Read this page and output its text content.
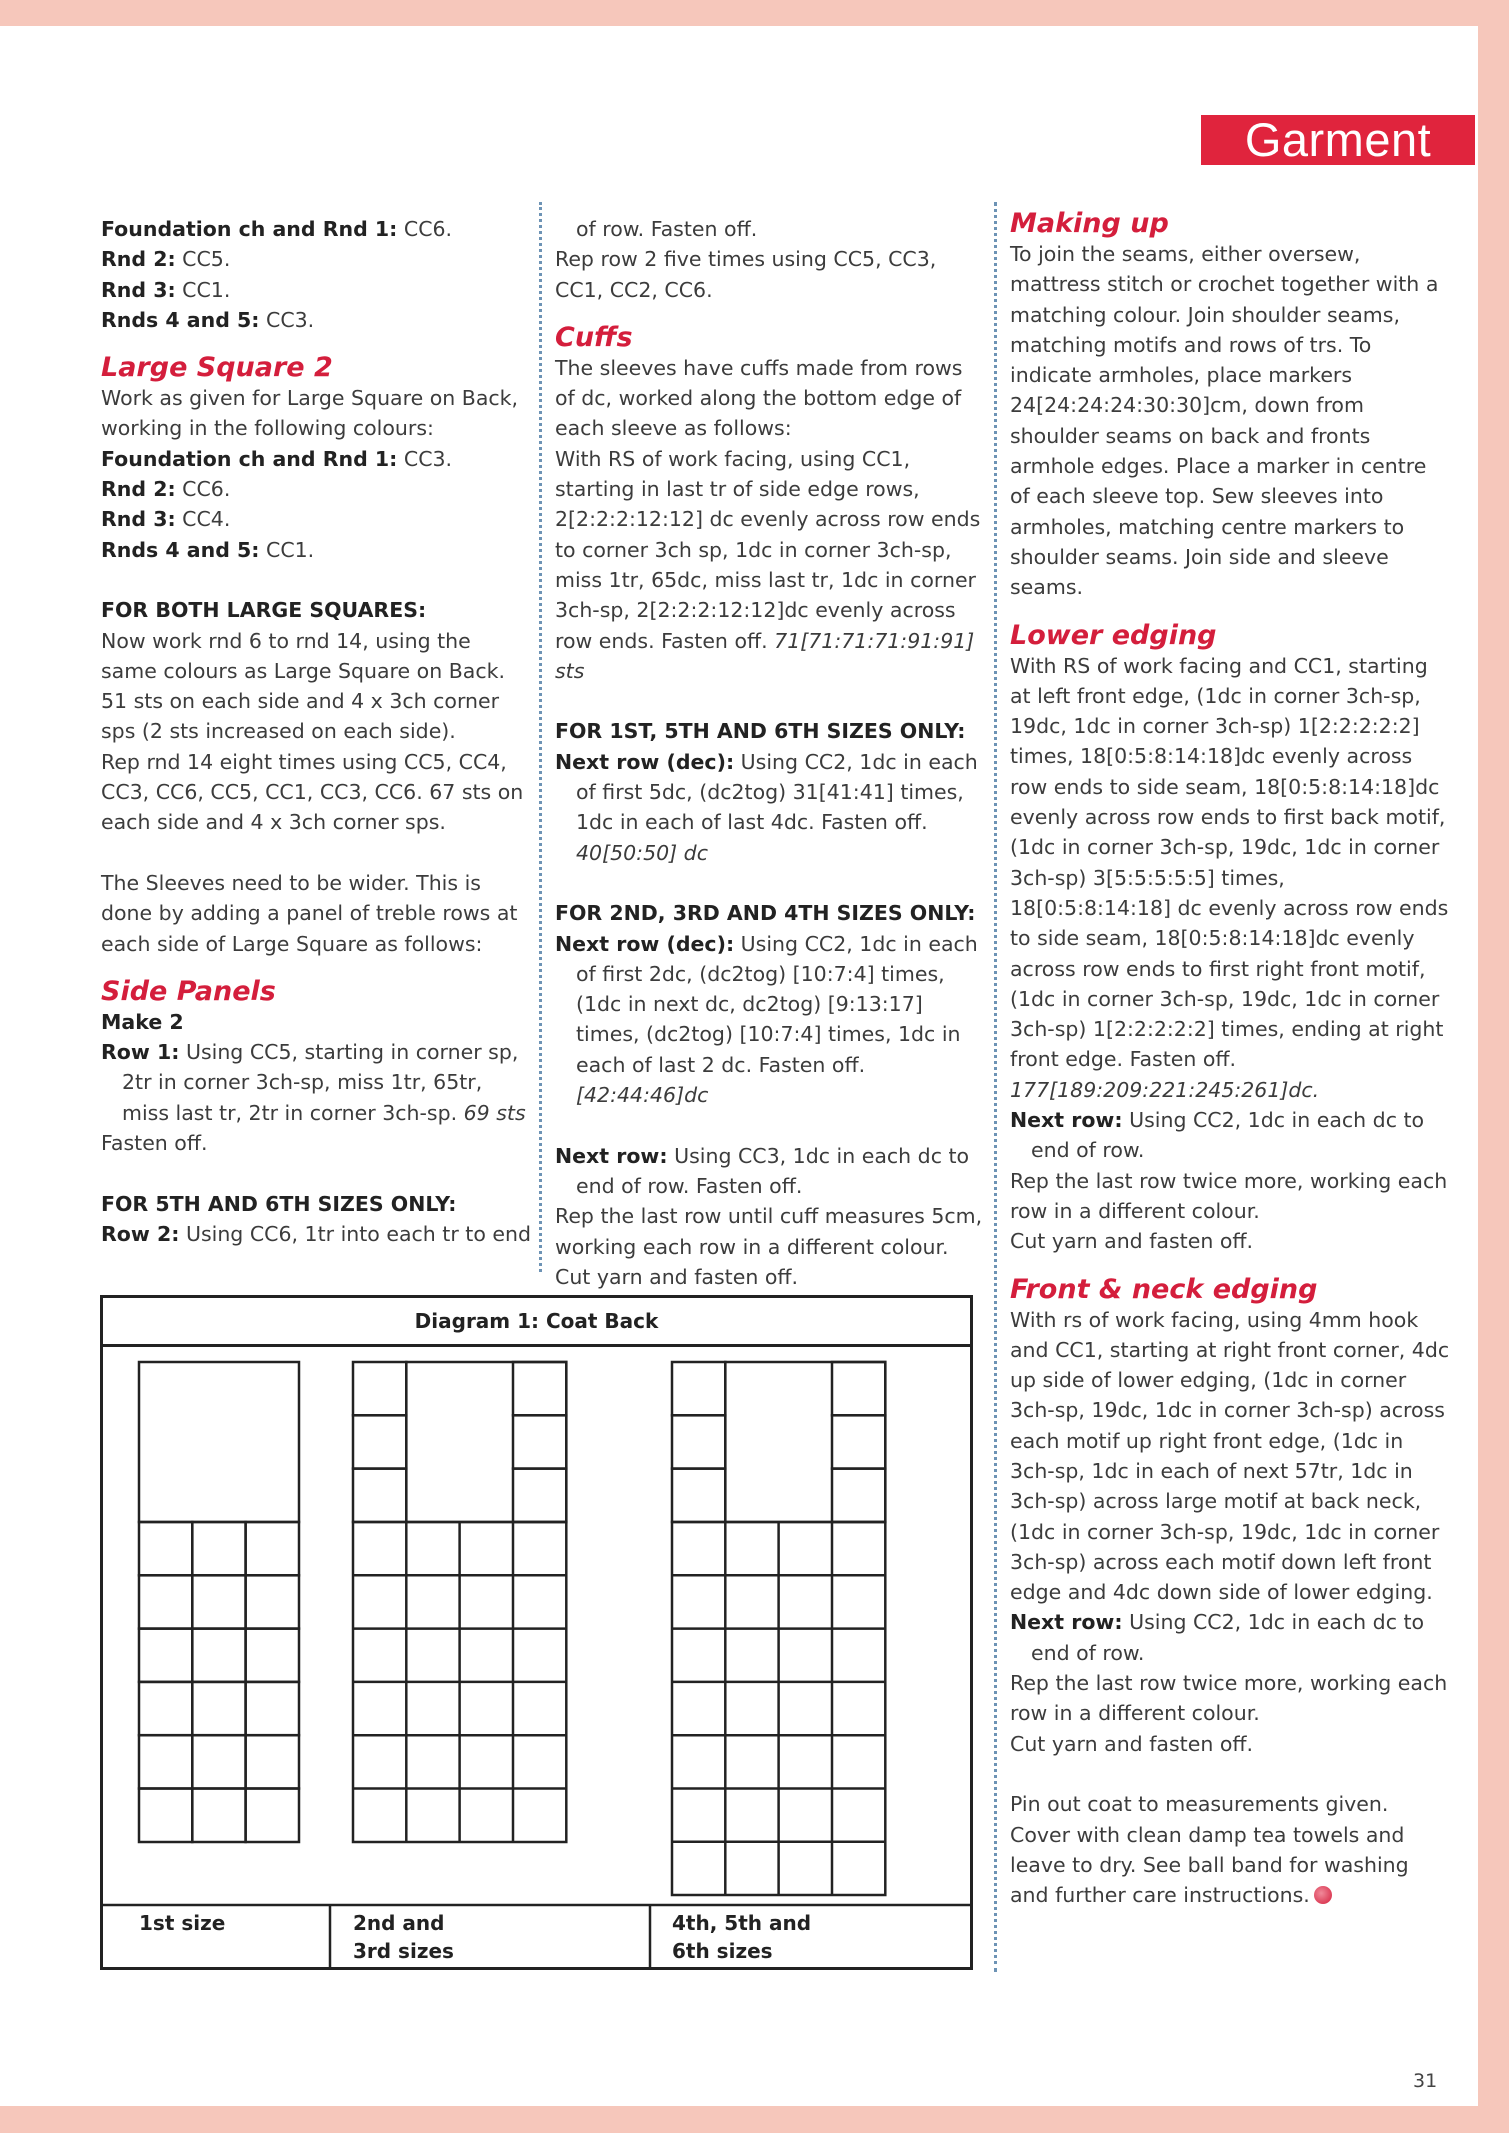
Garment

Foundation ch and Rnd 1: CC6.

Rnd 2: CC5.

Rnd 3: CC1.

Rnds 4 and 5: CC3.

Large Square 2

Work as given for Large Square on Back, working in the following colours:

Foundation ch and Rnd 1: CC3.

Rnd 2: CC6.

Rnd 3: CC4.

Rnds 4 and 5: CC1.

FOR BOTH LARGE SQUARES:

Now work rnd 6 to rnd 14, using the same colours as Large Square on Back. 51 sts on each side and 4 x 3ch corner sps (2 sts increased on each side).

Rep rnd 14 eight times using CC5, CC4, CC3, CC6, CC5, CC1, CC3, CC6. 67 sts on each side and 4 x 3ch corner sps.

The Sleeves need to be wider. This is done by adding a panel of treble rows at each side of Large Square as follows:

Side Panels

Make 2

Row 1: Using CC5, starting in corner sp, 2tr in corner 3ch-sp, miss 1tr, 65tr, miss last tr, 2tr in corner 3ch-sp. 69 sts

Fasten off.

FOR 5TH AND 6TH SIZES ONLY:

Row 2: Using CC6, 1tr into each tr to end

of row. Fasten off.

Rep row 2 five times using CC5, CC3, CC1, CC2, CC6.

Cuffs

The sleeves have cuffs made from rows of dc, worked along the bottom edge of each sleeve as follows:

With RS of work facing, using CC1, starting in last tr of side edge rows, 2[2:2:2:12:12] dc evenly across row ends to corner 3ch sp, 1dc in corner 3ch-sp, miss 1tr, 65dc, miss last tr, 1dc in corner 3ch-sp, 2[2:2:2:12:12]dc evenly across row ends. Fasten off. 71[71:71:71:91:91] sts

FOR 1ST, 5TH AND 6TH SIZES ONLY:

Next row (dec): Using CC2, 1dc in each of first 5dc, (dc2tog) 31[41:41] times, 1dc in each of last 4dc. Fasten off. 40[50:50] dc

FOR 2ND, 3RD AND 4TH SIZES ONLY:

Next row (dec): Using CC2, 1dc in each of first 2dc, (dc2tog) [10:7:4] times, (1dc in next dc, dc2tog) [9:13:17] times, (dc2tog) [10:7:4] times, 1dc in each of last 2 dc. Fasten off. [42:44:46]dc

Next row: Using CC3, 1dc in each dc to end of row. Fasten off.

Rep the last row until cuff measures 5cm, working each row in a different colour.

Cut yarn and fasten off.

Making up

To join the seams, either oversew, mattress stitch or crochet together with a matching colour. Join shoulder seams, matching motifs and rows of trs. To indicate armholes, place markers 24[24:24:24:30:30]cm, down from shoulder seams on back and fronts armhole edges. Place a marker in centre of each sleeve top. Sew sleeves into armholes, matching centre markers to shoulder seams. Join side and sleeve seams.

Lower edging

With RS of work facing and CC1, starting at left front edge, (1dc in corner 3ch-sp, 19dc, 1dc in corner 3ch-sp) 1[2:2:2:2:2] times, 18[0:5:8:14:18]dc evenly across row ends to side seam, 18[0:5:8:14:18]dc evenly across row ends to first back motif, (1dc in corner 3ch-sp, 19dc, 1dc in corner 3ch-sp) 3[5:5:5:5:5] times, 18[0:5:8:14:18] dc evenly across row ends to side seam, 18[0:5:8:14:18]dc evenly across row ends to first right front motif, (1dc in corner 3ch-sp, 19dc, 1dc in corner 3ch-sp) 1[2:2:2:2:2] times, ending at right front edge. Fasten off. 177[189:209:221:245:261]dc.

Next row: Using CC2, 1dc in each dc to end of row.

Rep the last row twice more, working each row in a different colour.

Cut yarn and fasten off.

Front & neck edging

With rs of work facing, using 4mm hook and CC1, starting at right front corner, 4dc up side of lower edging, (1dc in corner 3ch-sp, 19dc, 1dc in corner 3ch-sp) across each motif up right front edge, (1dc in 3ch-sp, 1dc in each of next 57tr, 1dc in 3ch-sp) across large motif at back neck, (1dc in corner 3ch-sp, 19dc, 1dc in corner 3ch-sp) across each motif down left front edge and 4dc down side of lower edging.

Next row: Using CC2, 1dc in each dc to end of row.

Rep the last row twice more, working each row in a different colour.

Cut yarn and fasten off.

Pin out coat to measurements given. Cover with clean damp tea towels and leave to dry. See ball band for washing and further care instructions.

Diagram 1: Coat Back
1st size	2nd and
3rd sizes
4th, 5th and
6th sizes
31
